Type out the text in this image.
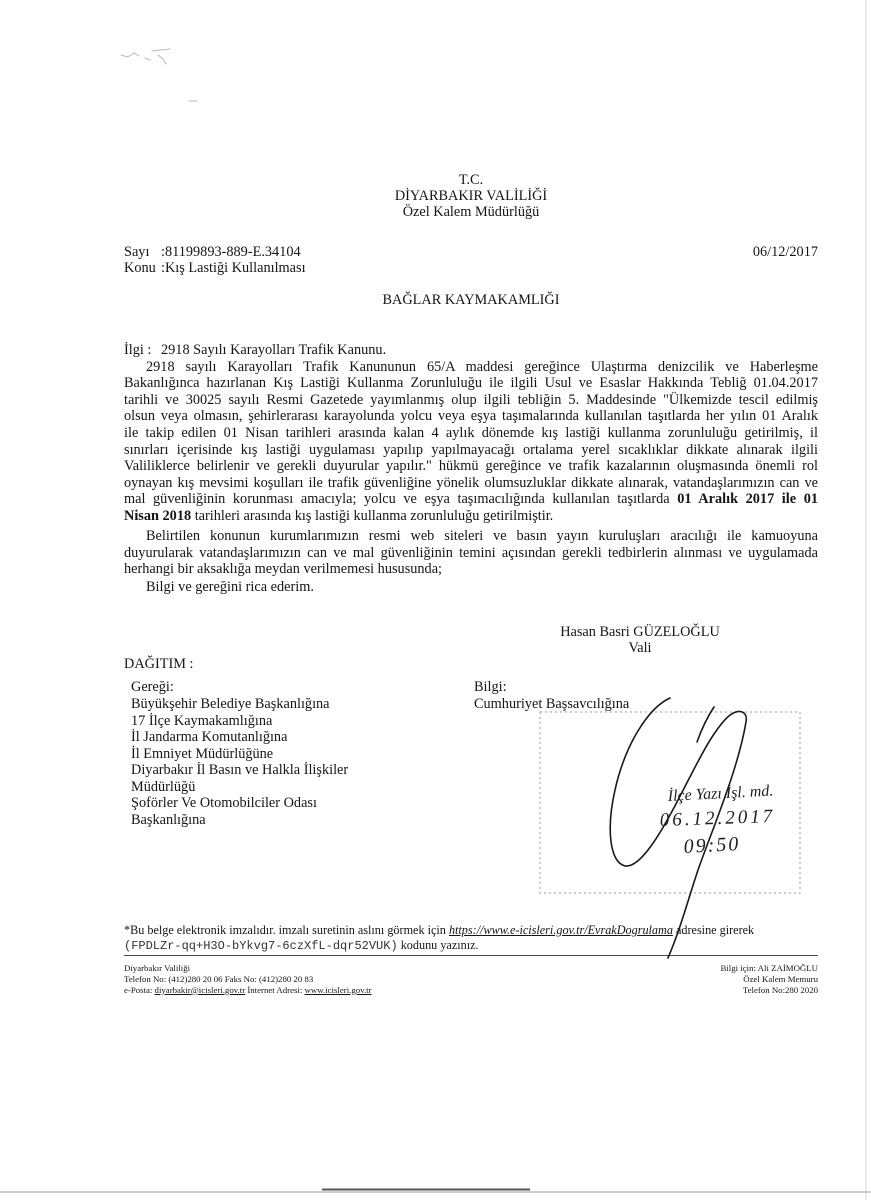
T.C.
DİYARBAKIR VALİLİĞİ
Özel Kalem Müdürlüğü
Sayı :81199893-889-E.34104
Konu :Kış Lastiği Kullanılması
06/12/2017
BAĞLAR KAYMAKAMLIĞI
İlgi : 2918 Sayılı Karayolları Trafik Kanunu.
2918 sayılı Karayolları Trafik Kanununun 65/A maddesi gereğince Ulaştırma denizcilik ve Haberleşme
Bakanlığınca hazırlanan Kış Lastiği Kullanma Zorunluluğu ile ilgili Usul ve Esaslar Hakkında Tebliğ 01.04.2017
tarihli ve 30025 sayılı Resmi Gazetede yayımlanmış olup ilgili tebliğin 5. Maddesinde "Ülkemizde tescil edilmiş
olsun veya olmasın, şehirlerarası karayolunda yolcu veya eşya taşımalarında kullanılan taşıtlarda her yılın 01 Aralık
ile takip edilen 01 Nisan tarihleri arasında kalan 4 aylık dönemde kış lastiği kullanma zorunluluğu getirilmiş, il
sınırları içerisinde kış lastiği uygulaması yapılıp yapılmayacağı ortalama yerel sıcaklıklar dikkate alınarak ilgili
Valiliklerce belirlenir ve gerekli duyurular yapılır." hükmü gereğince ve trafik kazalarının oluşmasında önemli rol
oynayan kış mevsimi koşulları ile trafik güvenliğine yönelik olumsuzluklar dikkate alınarak, vatandaşlarımızın can ve
mal güvenliğinin korunması amacıyla; yolcu ve eşya taşımacılığında kullanılan taşıtlarda 01 Aralık 2017 ile 01
Nisan 2018 tarihleri arasında kış lastiği kullanma zorunluluğu getirilmiştir.
Belirtilen konunun kurumlarımızın resmi web siteleri ve basın yayın kuruluşları aracılığı ile kamuoyuna
duyurularak vatandaşlarımızın can ve mal güvenliğinin temini açısından gerekli tedbirlerin alınması ve uygulamada
herhangi bir aksaklığa meydan verilmemesi hususunda;
Bilgi ve gereğini rica ederim.
Hasan Basri GÜZELOĞLU
Vali
DAĞITIM :
Gereği:
Büyükşehir Belediye Başkanlığına
17 İlçe Kaymakamlığına
İl Jandarma Komutanlığına
İl Emniyet Müdürlüğüne
Diyarbakır İl Basın ve Halkla İlişkiler
Müdürlüğü
Şoförler Ve Otomobilciler Odası
Başkanlığına
Bilgi:
Cumhuriyet Başsavcılığına
*Bu belge elektronik imzalıdır. imzalı suretinin aslını görmek için https://www.e-icisleri.gov.tr/EvrakDogrulama adresine girerek
(FPDLZr-qq+H3O-bYkvg7-6czXfL-dqr52VUK) kodunu yazınız.
Diyarbakır Valiliği
Telefon No: (412)280 20 06 Faks No: (412)280 20 83
e-Posta: diyarbakir@icisleri.gov.tr İnternet Adresi: www.icisleri.gov.tr
Bilgi için: Ali ZAİMOĞLU
Özel Kalem Memuru
Telefon No:280 2020
İlçe Yazı İşl. md.
06.12.2017
09:50
